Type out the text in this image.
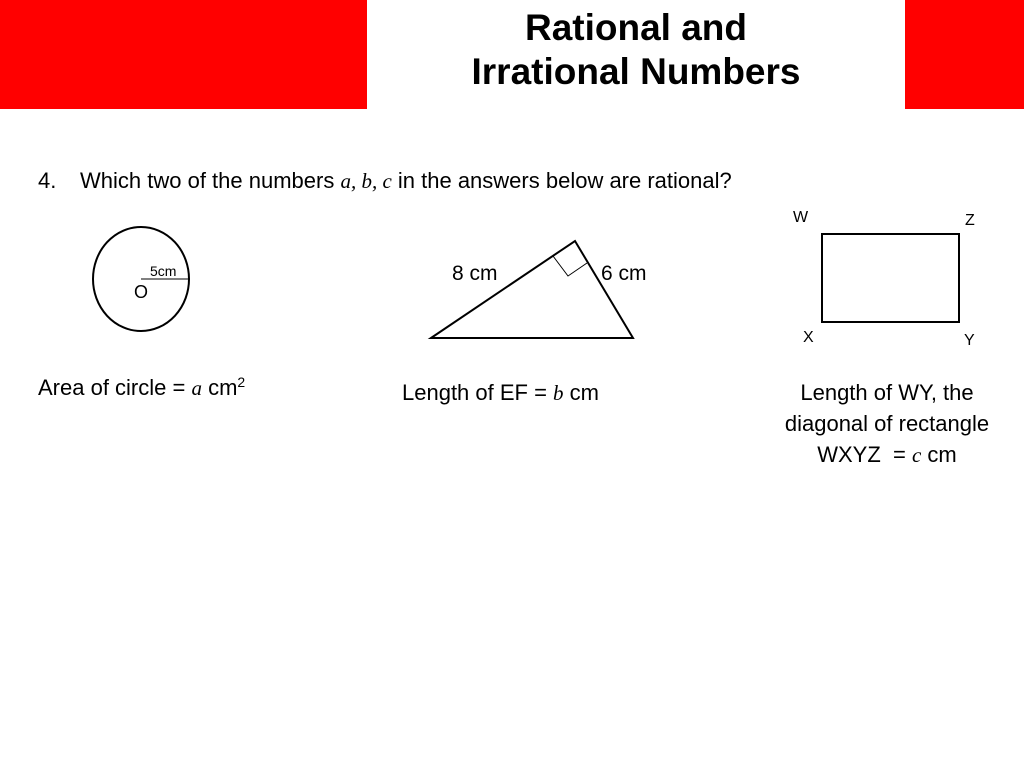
Rational and
Irrational Numbers
4. Which two of the numbers a, b, c in the answers below are rational?
5cm
O
8 cm	6 cm
W	Z
X	Y
Area of circle = a $cm^2$	Length of EF = b cm	Length of WY, the
diagonal of rectangle
WXYZ  = c cm
